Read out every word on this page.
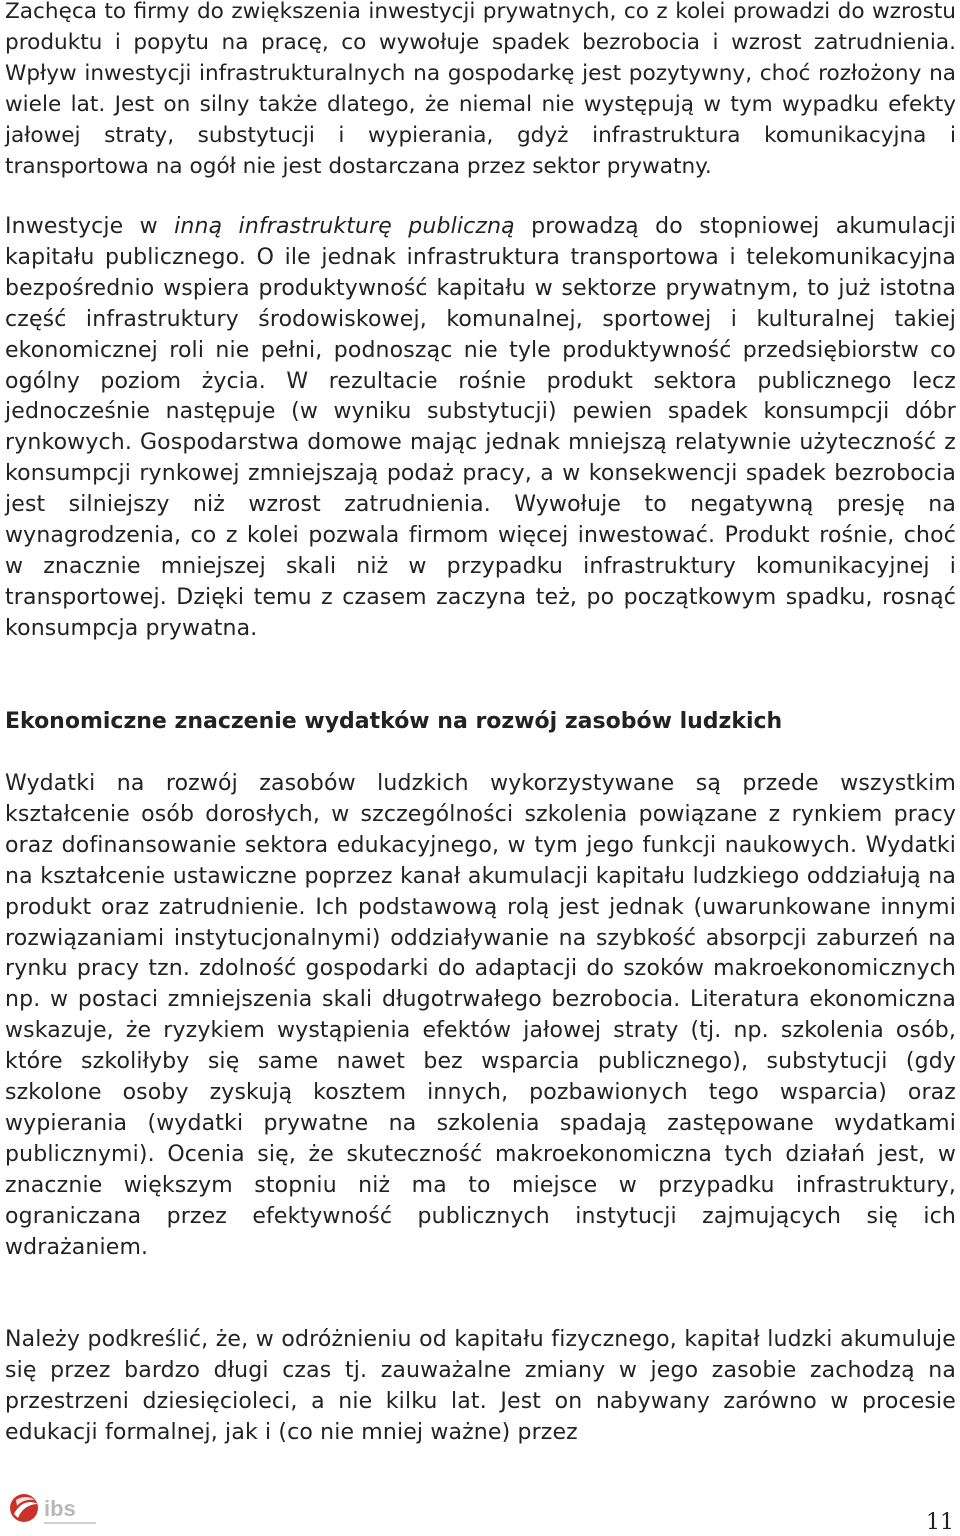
Zachęca to firmy do zwiększenia inwestycji prywatnych, co z kolei prowadzi do wzrostu produktu i popytu na pracę, co wywołuje spadek bezrobocia i wzrost zatrudnienia. Wpływ inwestycji infrastrukturalnych na gospodarkę jest pozytywny, choć rozłożony na wiele lat. Jest on silny także dlatego, że niemal nie występują w tym wypadku efekty jałowej straty, substytucji i wypierania, gdyż infrastruktura komunikacyjna i transportowa na ogół nie jest dostarczana przez sektor prywatny.
Inwestycje w inną infrastrukturę publiczną prowadzą do stopniowej akumulacji kapitału publicznego. O ile jednak infrastruktura transportowa i telekomunikacyjna bezpośrednio wspiera produktywność kapitału w sektorze prywatnym, to już istotna część infrastruktury środowiskowej, komunalnej, sportowej i kulturalnej takiej ekonomicznej roli nie pełni, podnosząc nie tyle produktywność przedsiębiorstw co ogólny poziom życia. W rezultacie rośnie produkt sektora publicznego lecz jednocześnie następuje (w wyniku substytucji) pewien spadek konsumpcji dóbr rynkowych. Gospodarstwa domowe mając jednak mniejszą relatywnie użyteczność z konsumpcji rynkowej zmniejszają podaż pracy, a w konsekwencji spadek bezrobocia jest silniejszy niż wzrost zatrudnienia. Wywołuje to negatywną presję na wynagrodzenia, co z kolei pozwala firmom więcej inwestować. Produkt rośnie, choć w znacznie mniejszej skali niż w przypadku infrastruktury komunikacyjnej i transportowej. Dzięki temu z czasem zaczyna też, po początkowym spadku, rosnąć konsumpcja prywatna.
Ekonomiczne znaczenie wydatków na rozwój zasobów ludzkich
Wydatki na rozwój zasobów ludzkich wykorzystywane są przede wszystkim kształcenie osób dorosłych, w szczególności szkolenia powiązane z rynkiem pracy oraz dofinansowanie sektora edukacyjnego, w tym jego funkcji naukowych. Wydatki na kształcenie ustawiczne poprzez kanał akumulacji kapitału ludzkiego oddziałują na produkt oraz zatrudnienie. Ich podstawową rolą jest jednak (uwarunkowane innymi rozwiązaniami instytucjonalnymi) oddziaływanie na szybkość absorpcji zaburzeń na rynku pracy tzn. zdolność gospodarki do adaptacji do szoków makroekonomicznych np. w postaci zmniejszenia skali długotrwałego bezrobocia. Literatura ekonomiczna wskazuje, że ryzykiem wystąpienia efektów jałowej straty (tj. np. szkolenia osób, które szkoliłyby się same nawet bez wsparcia publicznego), substytucji (gdy szkolone osoby zyskują kosztem innych, pozbawionych tego wsparcia) oraz wypierania (wydatki prywatne na szkolenia spadają zastępowane wydatkami publicznymi). Ocenia się, że skuteczność makroekonomiczna tych działań jest, w znacznie większym stopniu niż ma to miejsce w przypadku infrastruktury, ograniczana przez efektywność publicznych instytucji zajmujących się ich wdrażaniem.
Należy podkreślić, że, w odróżnieniu od kapitału fizycznego, kapitał ludzki akumuluje się przez bardzo długi czas tj. zauważalne zmiany w jego zasobie zachodzą na przestrzeni dziesięcioleci, a nie kilku lat. Jest on nabywany zarówno w procesie edukacji formalnej, jak i (co nie mniej ważne) przez
ibs
11
